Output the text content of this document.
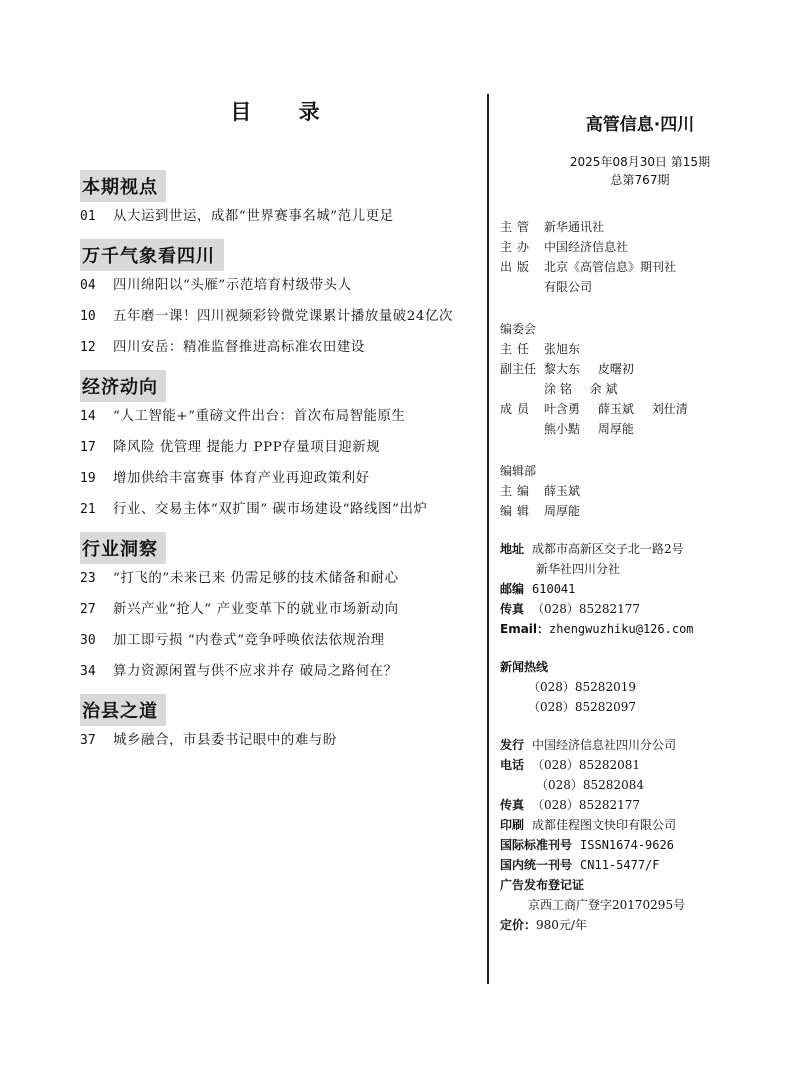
目 录
本期视点
01	从大运到世运，成都“世界赛事名城”范儿更足
万千气象看四川
04	四川绵阳以“头雁”示范培育村级带头人
10	五年磨一课！四川视频彩铃微党课累计播放量破24亿次
12	四川安岳：精准监督推进高标准农田建设
经济动向
14	“人工智能+”重磅文件出台：首次布局智能原生
17	降风险 优管理 提能力 PPP存量项目迎新规
19	增加供给丰富赛事 体育产业再迎政策利好
21	行业、交易主体“双扩围” 碳市场建设“路线图”出炉
行业洞察
23	“打飞的”未来已来 仍需足够的技术储备和耐心
27	新兴产业“抢人” 产业变革下的就业市场新动向
30	加工即亏损 “内卷式”竞争呼唤依法依规治理
34	算力资源闲置与供不应求并存 破局之路何在？
治县之道
37	城乡融合，市县委书记眼中的难与盼
高管信息·四川
2025年08月30日 第15期
总第767期
主管 新华通讯社
主办 中国经济信息社
出版 北京《高管信息》期刊社
有限公司
编委会
主任 张旭东
副主任 黎大东 皮曙初
涂 铭 余 斌
成员 叶含勇 薛玉斌 刘仕清
熊小黠 周厚能
编辑部
主编 薛玉斌
编辑 周厚能
地址 成都市高新区交子北一路2号
新华社四川分社
邮编 610041
传真 （028）85282177
Email： zhengwuzhiku@126.com
新闻热线
（028）85282019
（028）85282097
发行 中国经济信息社四川分公司
电话 （028）85282081
（028）85282084
传真 （028）85282177
印刷 成都佳程图文快印有限公司
国际标准刊号 ISSN1674-9626
国内统一刊号 CN11-5477/F
广告发布登记证
京西工商广登字20170295号
定价： 980元/年
